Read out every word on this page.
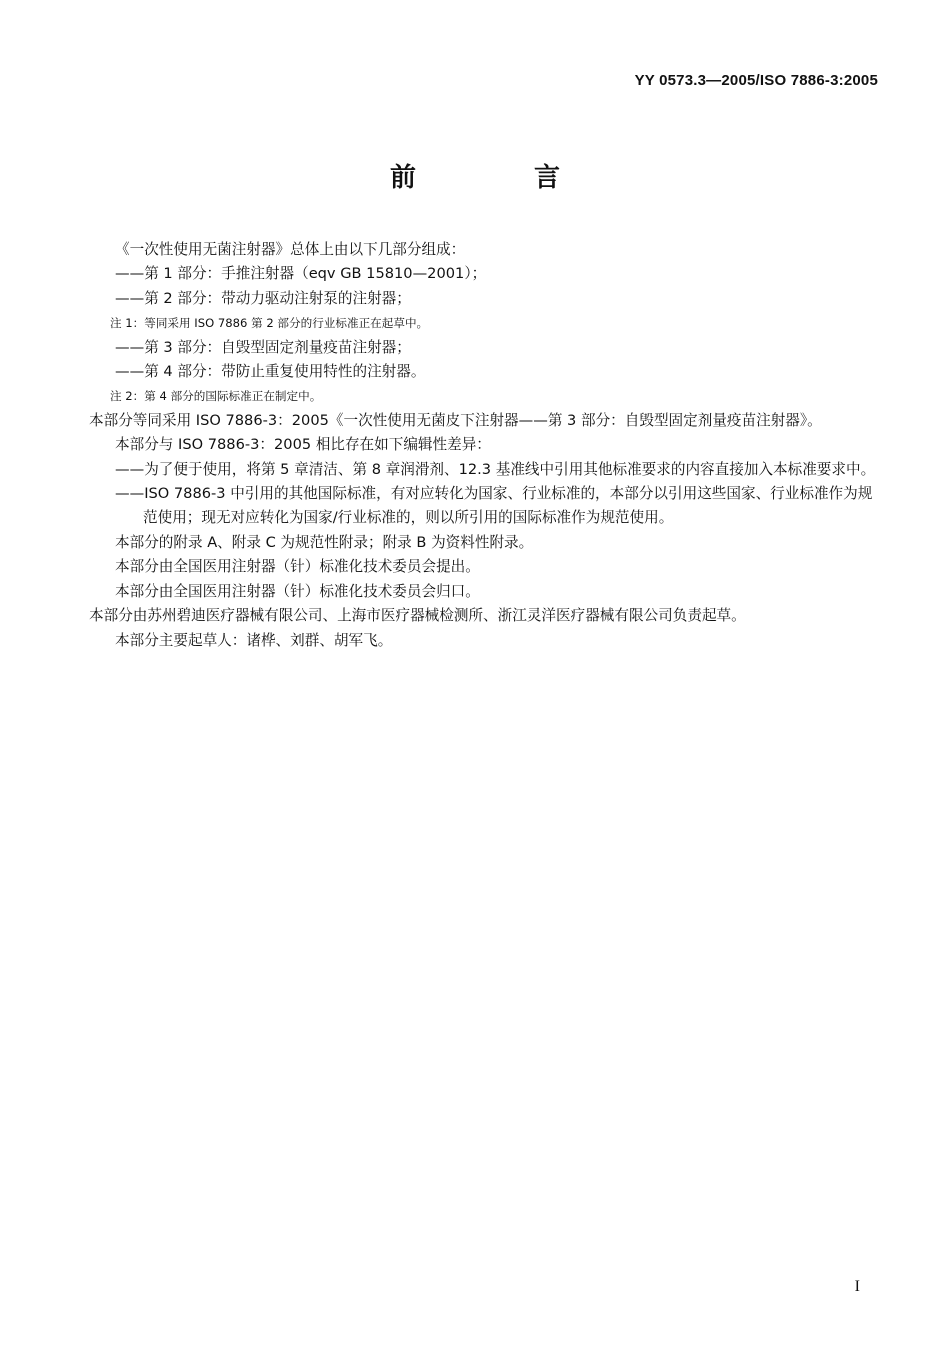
YY 0573.3—2005/ISO 7886-3:2005
前　言

《一次性使用无菌注射器》总体上由以下几部分组成：

——第 1 部分：手推注射器（eqv GB 15810—2001）；

——第 2 部分：带动力驱动注射泵的注射器；

注 1：等同采用 ISO 7886 第 2 部分的行业标准正在起草中。

——第 3 部分：自毁型固定剂量疫苗注射器；

——第 4 部分：带防止重复使用特性的注射器。

注 2：第 4 部分的国际标准正在制定中。

本部分等同采用 ISO 7886-3：2005《一次性使用无菌皮下注射器——第 3 部分：自毁型固定剂量疫苗注射器》。

本部分与 ISO 7886-3：2005 相比存在如下编辑性差异：

——为了便于使用，将第 5 章清洁、第 8 章润滑剂、12.3 基准线中引用其他标准要求的内容直接加入本标准要求中。

——ISO 7886-3 中引用的其他国际标准，有对应转化为国家、行业标准的，本部分以引用这些国家、行业标准作为规范使用；现无对应转化为国家/行业标准的，则以所引用的国际标准作为规范使用。

本部分的附录 A、附录 C 为规范性附录；附录 B 为资料性附录。

本部分由全国医用注射器（针）标准化技术委员会提出。

本部分由全国医用注射器（针）标准化技术委员会归口。

本部分由苏州碧迪医疗器械有限公司、上海市医疗器械检测所、浙江灵洋医疗器械有限公司负责起草。

本部分主要起草人：诸桦、刘群、胡军飞。

I
